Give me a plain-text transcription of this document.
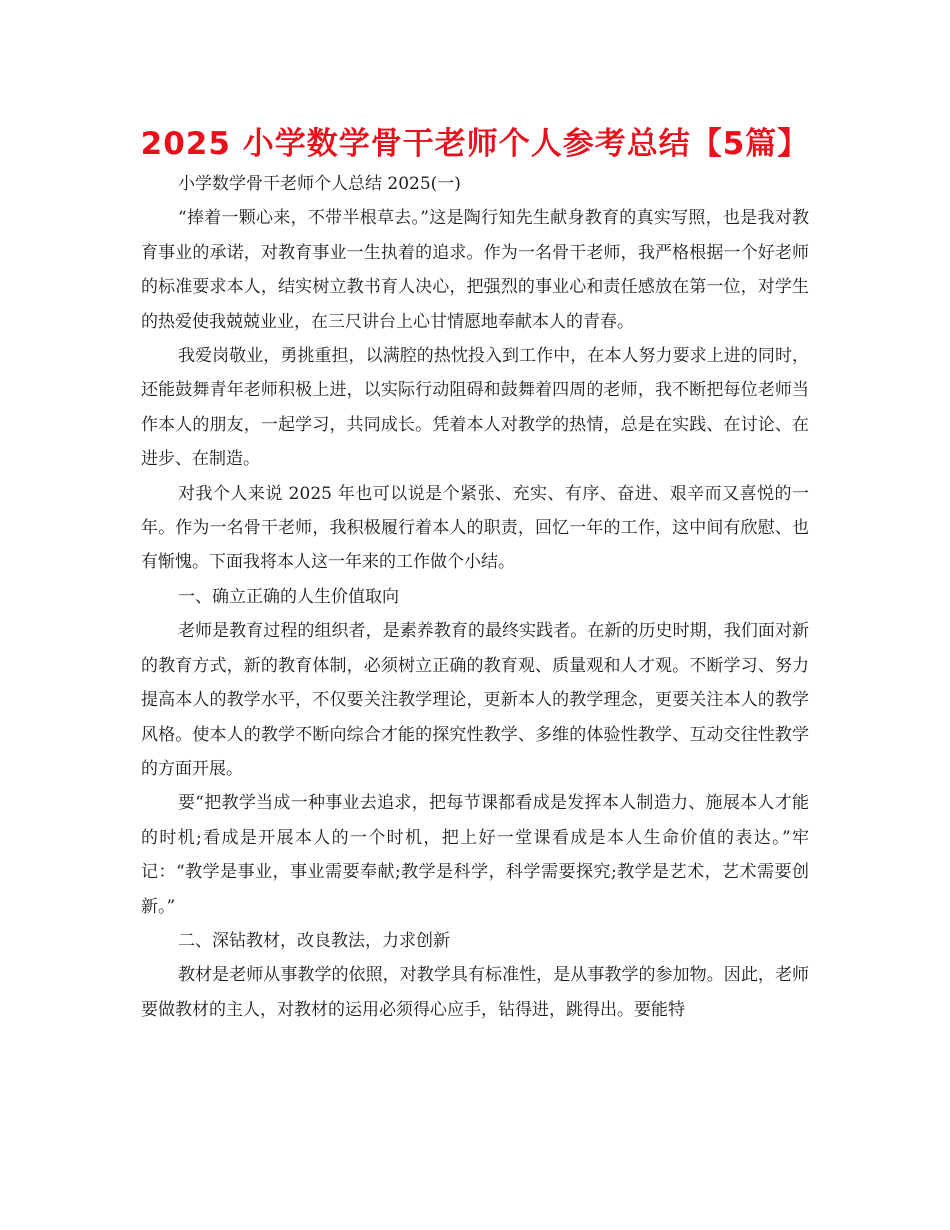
2025 小学数学骨干老师个人参考总结【5篇】

小学数学骨干老师个人总结 2025(一)

“捧着一颗心来，不带半根草去。”这是陶行知先生献身教育的真实写照，也是我对教育事业的承诺，对教育事业一生执着的追求。作为一名骨干老师，我严格根据一个好老师的标准要求本人，结实树立教书育人决心，把强烈的事业心和责任感放在第一位，对学生的热爱使我兢兢业业，在三尺讲台上心甘情愿地奉献本人的青春。

我爱岗敬业，勇挑重担，以满腔的热忱投入到工作中，在本人努力要求上进的同时，还能鼓舞青年老师积极上进，以实际行动阻碍和鼓舞着四周的老师，我不断把每位老师当作本人的朋友，一起学习，共同成长。凭着本人对教学的热情，总是在实践、在讨论、在进步、在制造。

对我个人来说 2025 年也可以说是个紧张、充实、有序、奋进、艰辛而又喜悦的一年。作为一名骨干老师，我积极履行着本人的职责，回忆一年的工作，这中间有欣慰、也有惭愧。下面我将本人这一年来的工作做个小结。

一、确立正确的人生价值取向

老师是教育过程的组织者，是素养教育的最终实践者。在新的历史时期，我们面对新的教育方式，新的教育体制，必须树立正确的教育观、质量观和人才观。不断学习、努力提高本人的教学水平，不仅要关注教学理论，更新本人的教学理念，更要关注本人的教学风格。使本人的教学不断向综合才能的探究性教学、多维的体验性教学、互动交往性教学的方面开展。

要“把教学当成一种事业去追求，把每节课都看成是发挥本人制造力、施展本人才能的时机;看成是开展本人的一个时机，把上好一堂课看成是本人生命价值的表达。”牢记：“教学是事业，事业需要奉献;教学是科学，科学需要探究;教学是艺术，艺术需要创新。”

二、深钻教材，改良教法，力求创新

教材是老师从事教学的依照，对教学具有标准性，是从事教学的参加物。因此，老师要做教材的主人，对教材的运用必须得心应手，钻得进，跳得出。要能特
